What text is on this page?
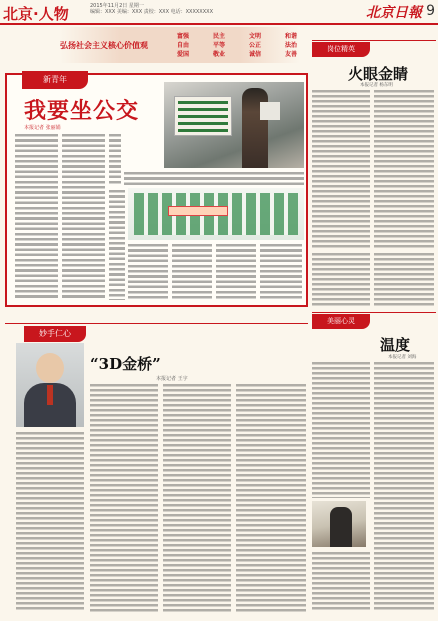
北京·人物	2015年11月2日 星期一
编辑：XXX 美编：XXX 责校：XXX 电话：XXXXXXXX	北京日報 9
弘扬社会主义核心价值观
富强	民主	文明	和谐
自由	平等	公正	法治
爱国	敬业	诚信	友善
新青年
我要坐公交
本报记者 张丽娟
岗位精英
火眼金睛
本报记者 杨东明
美丽心灵
温度
本报记者 刘海
妙手仁心
“3D金桥”
本报记者 王宇
